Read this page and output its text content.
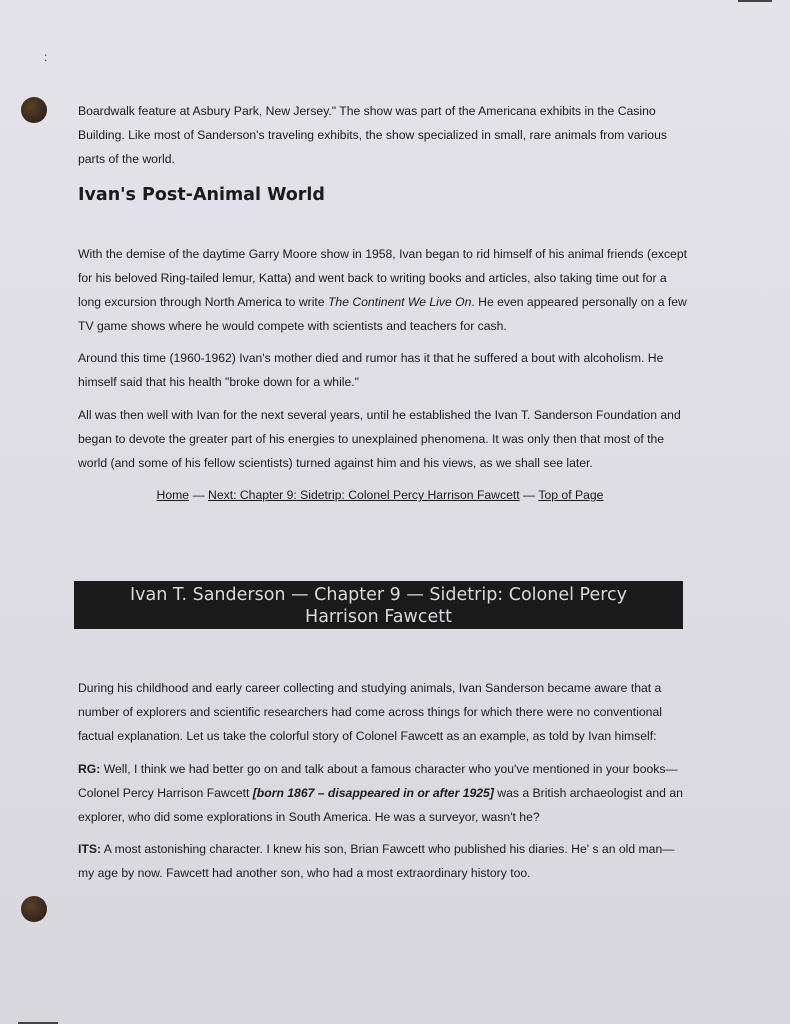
:

Boardwalk feature at Asbury Park, New Jersey." The show was part of the Americana exhibits in the Casino Building. Like most of Sanderson's traveling exhibits, the show specialized in small, rare animals from various parts of the world.

Ivan's Post-Animal World

With the demise of the daytime Garry Moore show in 1958, Ivan began to rid himself of his animal friends (except for his beloved Ring-tailed lemur, Katta) and went back to writing books and articles, also taking time out for a long excursion through North America to write The Continent We Live On. He even appeared personally on a few TV game shows where he would compete with scientists and teachers for cash.

Around this time (1960-1962) Ivan's mother died and rumor has it that he suffered a bout with alcoholism. He himself said that his health "broke down for a while."

All was then well with Ivan for the next several years, until he established the Ivan T. Sanderson Foundation and began to devote the greater part of his energies to unexplained phenomena. It was only then that most of the world (and some of his fellow scientists) turned against him and his views, as we shall see later.

Home — Next: Chapter 9: Sidetrip: Colonel Percy Harrison Fawcett — Top of Page
Ivan T. Sanderson — Chapter 9 — Sidetrip: Colonel Percy
Harrison Fawcett

During his childhood and early career collecting and studying animals, Ivan Sanderson became aware that a number of explorers and scientific researchers had come across things for which there were no conventional factual explanation. Let us take the colorful story of Colonel Fawcett as an example, as told by Ivan himself:

RG: Well, I think we had better go on and talk about a famous character who you've mentioned in your books—Colonel Percy Harrison Fawcett [born 1867 – disappeared in or after 1925] was a British archaeologist and an explorer, who did some explorations in South America. He was a surveyor, wasn't he?

ITS: A most astonishing character. I knew his son, Brian Fawcett who published his diaries. He' s an old man—my age by now. Fawcett had another son, who had a most extraordinary history too.
